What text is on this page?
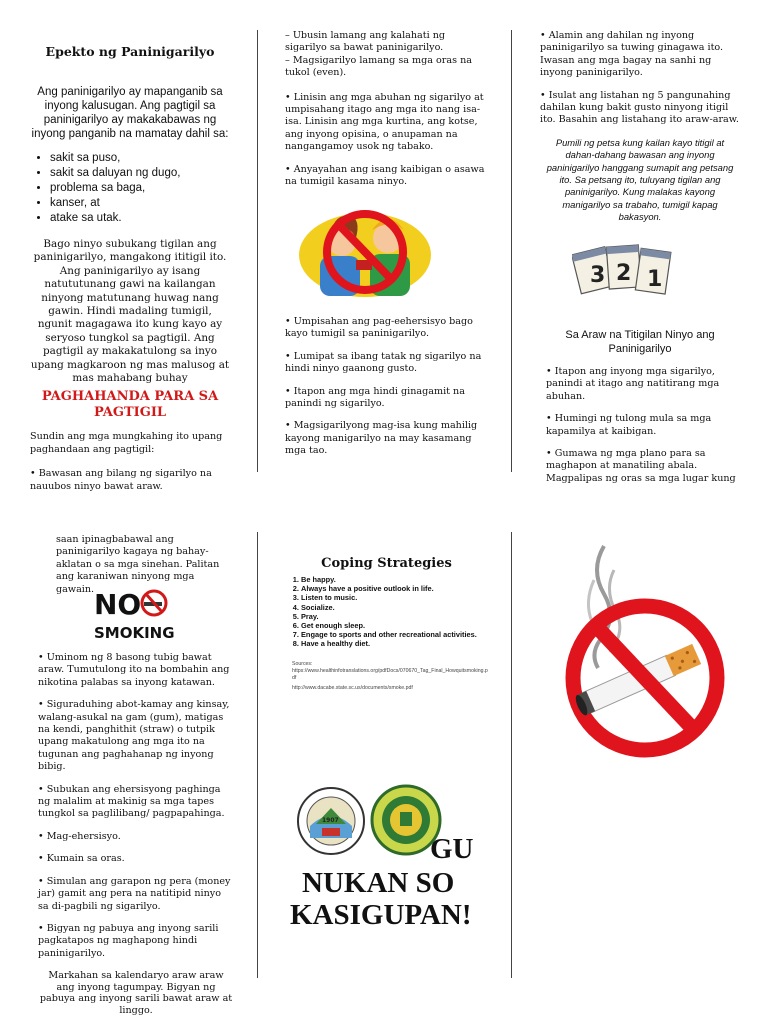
Epekto ng Paninigarilyo
Ang paninigarilyo ay mapanganib sa inyong kalusugan. Ang pagtigil sa paninigarilyo ay makakabawas ng inyong panganib na mamatay dahil sa:
• sakit sa puso,
• sakit sa daluyan ng dugo,
• problema sa baga,
• kanser, at
• atake sa utak.
Bago ninyo subukang tigilan ang paninigarilyo, mangakong ititigil ito. Ang paninigarilyo ay isang natututunang gawi na kailangan ninyong matutunang huwag nang gawin. Hindi madaling tumigil, ngunit magagawa ito kung kayo ay seryoso tungkol sa pagtigil. Ang pagtigil ay makakatulong sa inyo upang magkaroon ng mas malusog at mas mahabang buhay
PAGHAHANDA PARA SA PAGTIGIL
Sundin ang mga mungkahing ito upang paghandaan ang pagtigil:
• Bawasan ang bilang ng sigarilyo na nauubos ninyo bawat araw.
– Ubusin lamang ang kalahati ng sigarilyo sa bawat paninigarilyo.
– Magsigarilyo lamang sa mga oras na tukol (even).
• Linisin ang mga abuhan ng sigarilyo at umpisahang itago ang mga ito nang isa-isa. Linisin ang mga kurtina, ang kotse, ang inyong opisina, o anupaman na nangangamoy usok ng tabako.
• Anyayahan ang isang kaibigan o asawa na tumigil kasama ninyo.
• Umpisahan ang pag-eehersisyo bago kayo tumigil sa paninigarilyo.
• Lumipat sa ibang tatak ng sigarilyo na hindi ninyo gaanong gusto.
• Itapon ang mga hindi ginagamit na panindi ng sigarilyo.
• Magsigarilyong mag-isa kung mahilig kayong manigarilyo na may kasamang mga tao.
• Alamin ang dahilan ng inyong paninigarilyo sa tuwing ginagawa ito. Iwasan ang mga bagay na sanhi ng inyong paninigarilyo.
• Isulat ang listahan ng 5 pangunahing dahilan kung bakit gusto ninyong itigil ito. Basahin ang listahang ito araw-araw.
Pumili ng petsa kung kailan kayo titigil at dahan-dahang bawasan ang inyong paninigarilyo hanggang sumapit ang petsang ito. Sa petsang ito, tuluyang tigilan ang paninigarilyo. Kung malakas kayong manigarilyo sa trabaho, tumigil kapag bakasyon.
3 2 1
Sa Araw na Titigilan Ninyo ang Paninigarilyo
• Itapon ang inyong mga sigarilyo, panindi at itago ang natitirang mga abuhan.
• Humingi ng tulong mula sa mga kapamilya at kaibigan.
• Gumawa ng mga plano para sa maghapon at manatiling abala. Magpalipas ng oras sa mga lugar kung
saan ipinagbabawal ang paninigarilyo kagaya ng bahay-aklatan o sa mga sinehan. Palitan ang karaniwan ninyong mga gawain. NO
SMOKING
• Uminom ng 8 basong tubig bawat araw. Tumutulong ito na bombahin ang nikotina palabas sa inyong katawan.
• Siguraduhing abot-kamay ang kinsay, walang-asukal na gam (gum), matigas na kendi, panghithit (straw) o tutpik upang makatulong ang mga ito na tugunan ang paghahanap ng inyong bibig.
• Subukan ang ehersisyong paghinga ng malalim at makinig sa mga tapes tungkol sa paglilibang/ pagpapahinga.
• Mag-ehersisyo.
• Kumain sa oras.
• Simulan ang garapon ng pera (money jar) gamit ang pera na natitipid ninyo sa di-pagbili ng sigarilyo.
• Bigyan ng pabuya ang inyong sarili pagkatapos ng maghapong hindi paninigarilyo.
Markahan sa kalendaryo araw araw ang inyong tagumpay. Bigyan ng pabuya ang inyong sarili bawat araw at linggo.
Coping Strategies
1. Be happy.
2. Always have a positive outlook in life.
3. Listen to music.
4. Socialize.
5. Pray.
6. Get enough sleep.
7. Engage to sports and other recreational activities.
8. Have a healthy diet.
Sources:
https://www.healthinfotranslations.org/pdfDocs/070670_Tag_Final_Howquitsmoking.pdf
http://www.dacabe.state.sc.us/documents/smoke.pdf
1907
GU
NUKAN SO
KASIGUPAN!
